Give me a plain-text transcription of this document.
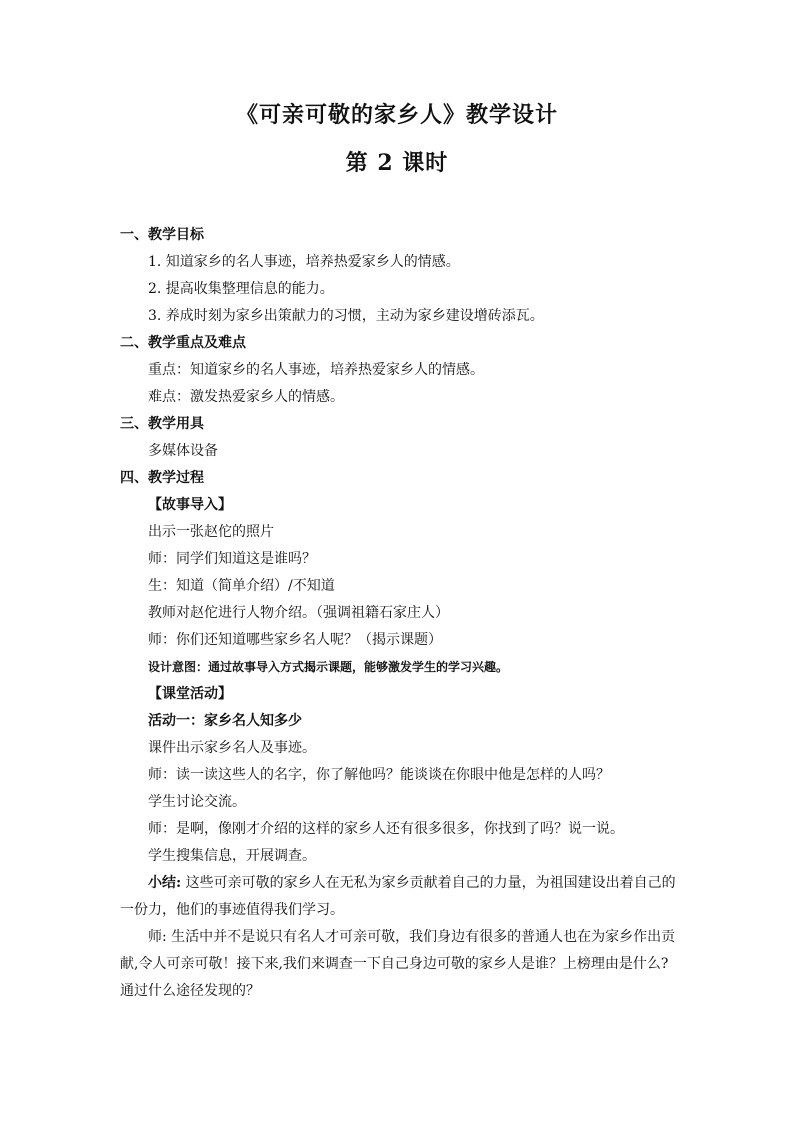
《可亲可敬的家乡人》教学设计
第 2 课时
一、教学目标
1. 知道家乡的名人事迹，培养热爱家乡人的情感。
2. 提高收集整理信息的能力。
3. 养成时刻为家乡出策献力的习惯，主动为家乡建设增砖添瓦。
二、教学重点及难点
重点：知道家乡的名人事迹，培养热爱家乡人的情感。
难点：激发热爱家乡人的情感。
三、教学用具
多媒体设备
四、教学过程
【故事导入】
出示一张赵佗的照片
师：同学们知道这是谁吗？
生：知道（简单介绍）/不知道
教师对赵佗进行人物介绍。（强调祖籍石家庄人）
师：你们还知道哪些家乡名人呢？（揭示课题）
设计意图：通过故事导入方式揭示课题，能够激发学生的学习兴趣。
【课堂活动】
活动一：家乡名人知多少
课件出示家乡名人及事迹。
师：读一读这些人的名字，你了解他吗？能谈谈在你眼中他是怎样的人吗？
学生讨论交流。
师：是啊，像刚才介绍的这样的家乡人还有很多很多，你找到了吗？说一说。
学生搜集信息，开展调查。
小结: 这些可亲可敬的家乡人在无私为家乡贡献着自己的力量，为祖国建设出着自己的一份力，他们的事迹值得我们学习。
师: 生活中并不是说只有名人才可亲可敬，我们身边有很多的普通人也在为家乡作出贡献,令人可亲可敬！接下来,我们来调查一下自己身边可敬的家乡人是谁？上榜理由是什么?通过什么途径发现的？
